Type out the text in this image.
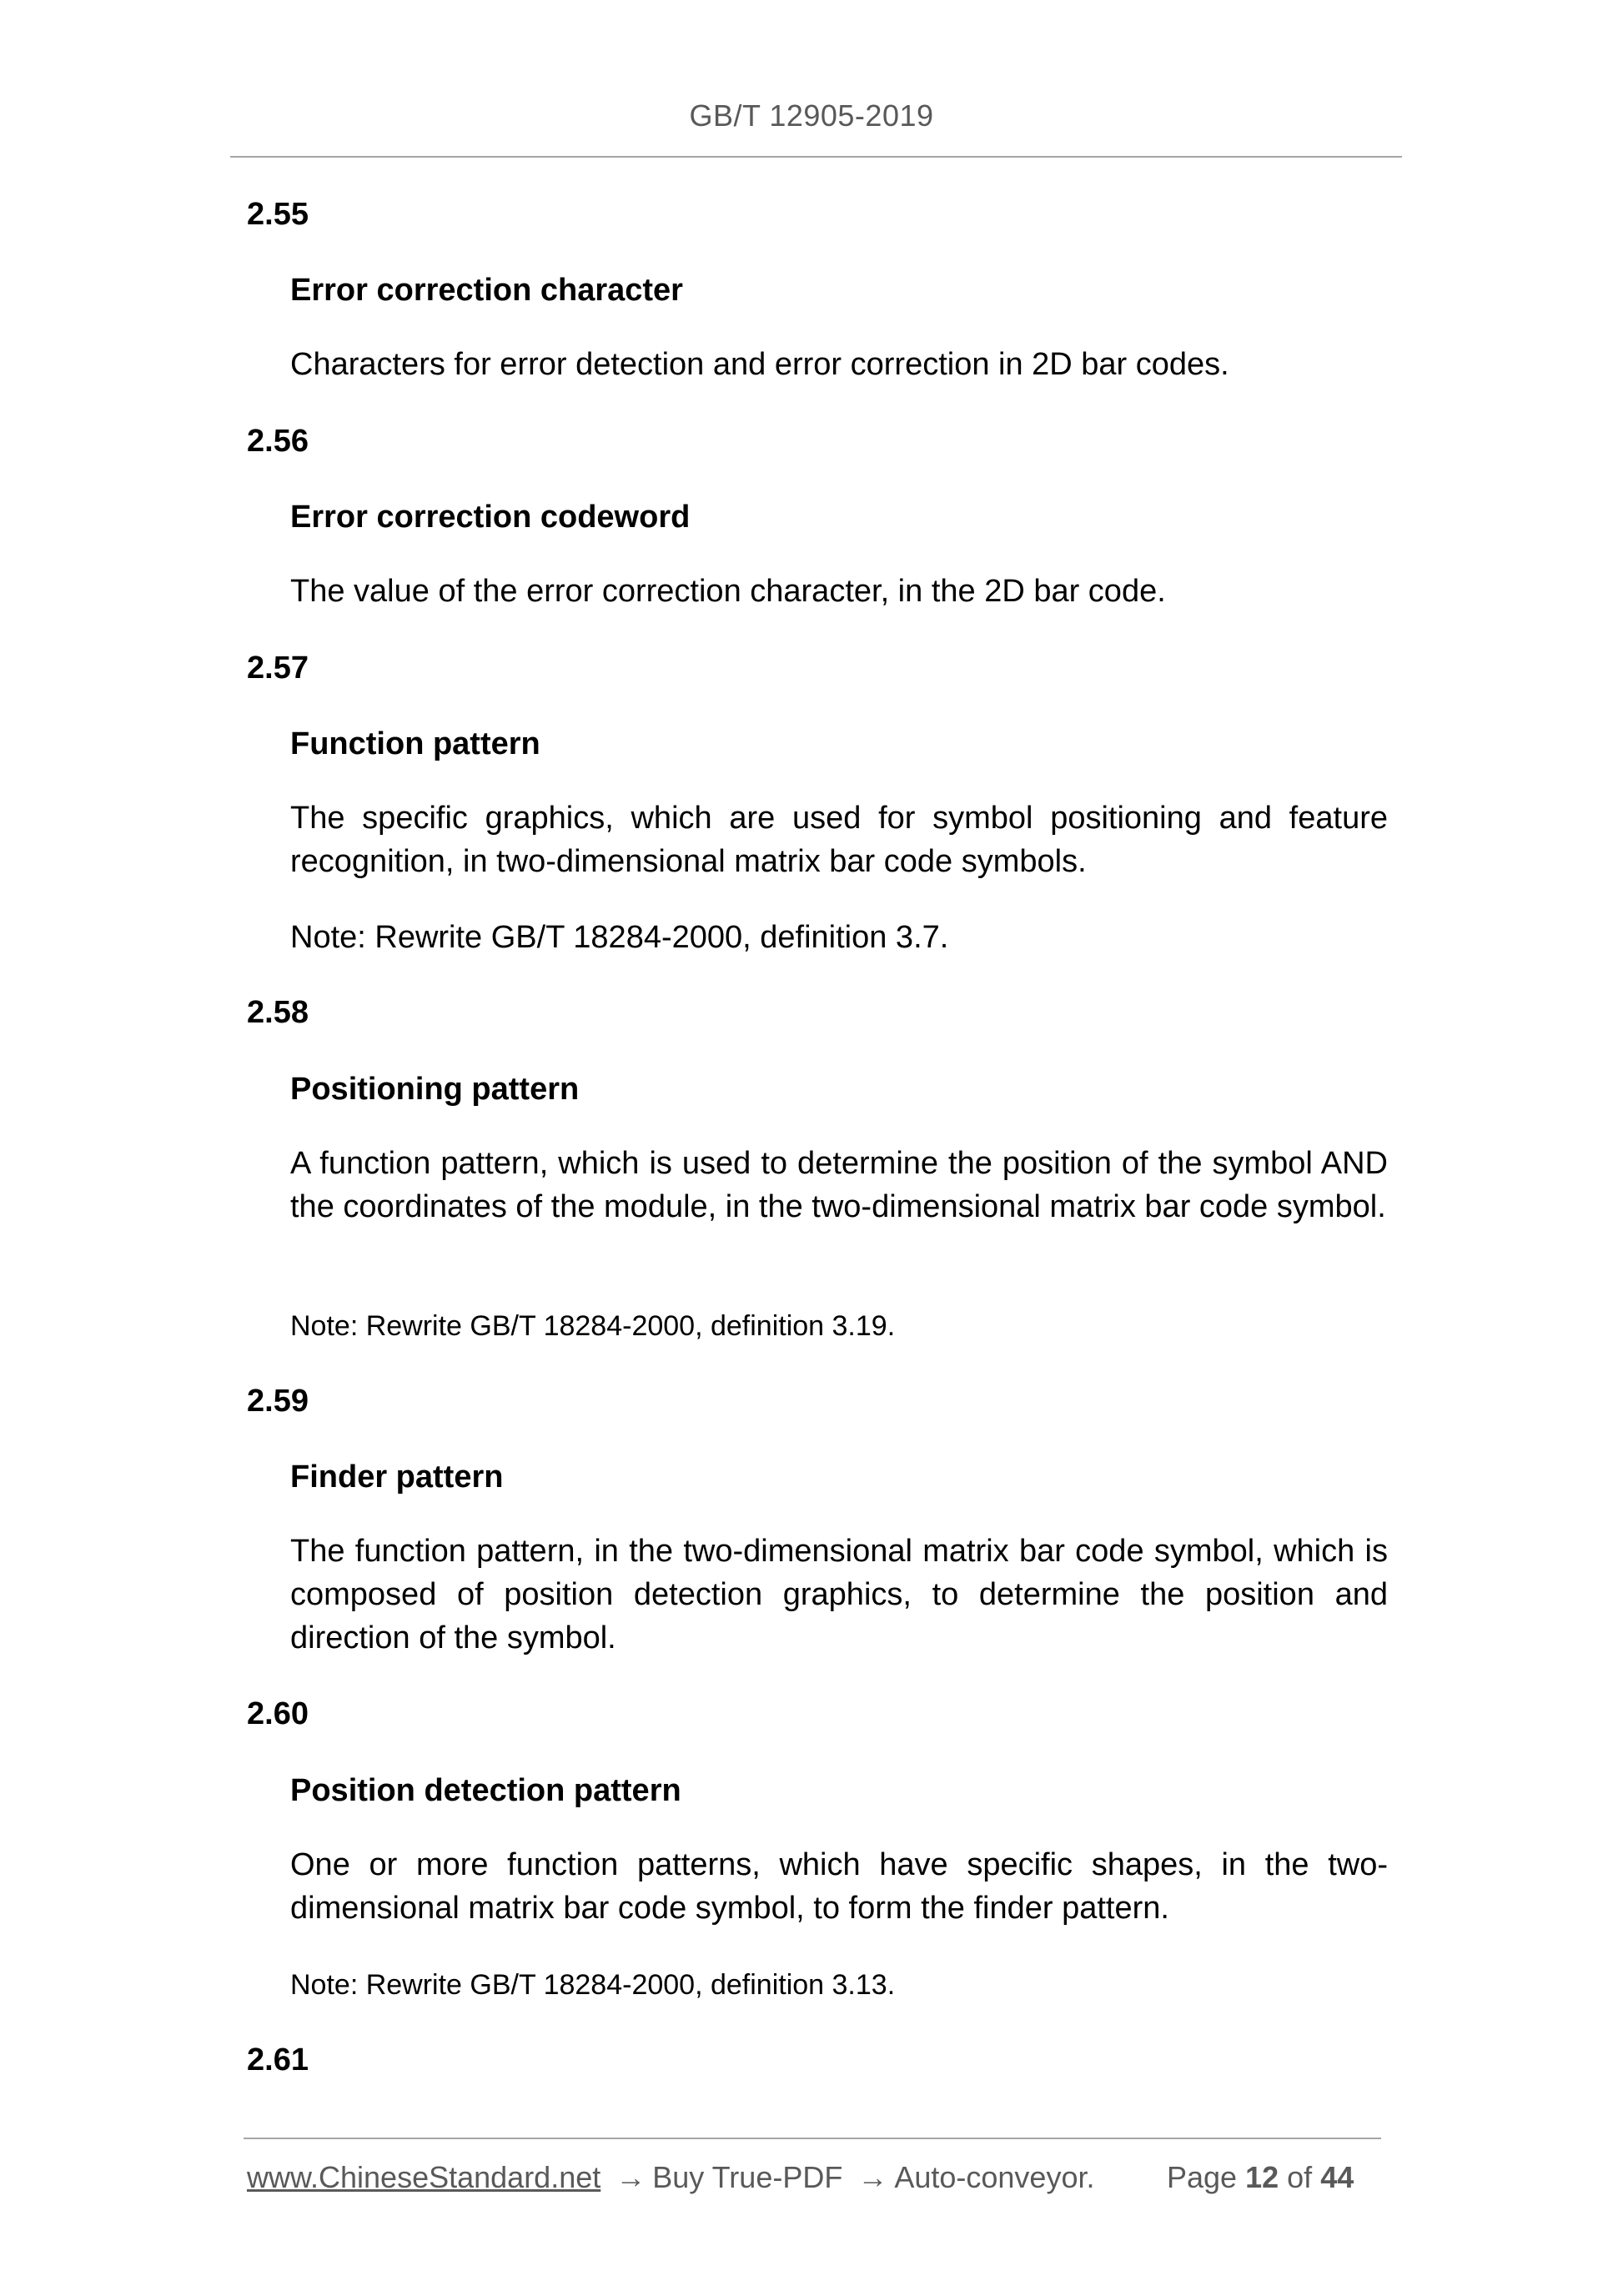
GB/T 12905-2019
2.55
Error correction character
Characters for error detection and error correction in 2D bar codes.
2.56
Error correction codeword
The value of the error correction character, in the 2D bar code.
2.57
Function pattern
The specific graphics, which are used for symbol positioning and feature recognition, in two-dimensional matrix bar code symbols.
Note: Rewrite GB/T 18284-2000, definition 3.7.
2.58
Positioning pattern
A function pattern, which is used to determine the position of the symbol AND the coordinates of the module, in the two-dimensional matrix bar code symbol.
Note: Rewrite GB/T 18284-2000, definition 3.19.
2.59
Finder pattern
The function pattern, in the two-dimensional matrix bar code symbol, which is composed of position detection graphics, to determine the position and direction of the symbol.
2.60
Position detection pattern
One or more function patterns, which have specific shapes, in the two-dimensional matrix bar code symbol, to form the finder pattern.
Note: Rewrite GB/T 18284-2000, definition 3.13.
2.61
www.ChineseStandard.net → Buy True-PDF → Auto-conveyor. Page 12 of 44
